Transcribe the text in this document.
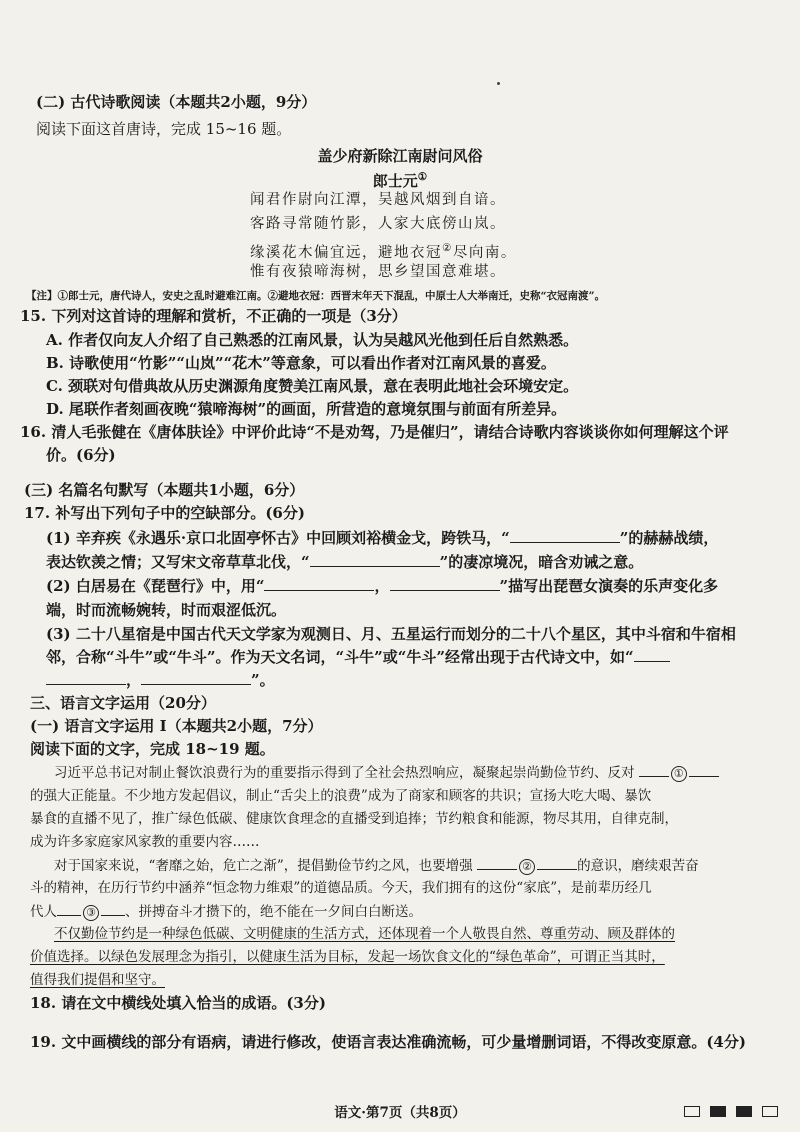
(二) 古代诗歌阅读（本题共2小题，9分）
阅读下面这首唐诗，完成 15~16 题。
盖少府新除江南尉问风俗
郎士元①
闻君作尉向江潭，吴越风烟到自谙。
客路寻常随竹影，人家大底傍山岚。
缘溪花木偏宜远，避地衣冠②尽向南。
惟有夜猿啼海树，思乡望国意难堪。
【注】①郎士元，唐代诗人，安史之乱时避难江南。②避地衣冠：西晋末年天下混乱，中原士人大举南迁，史称“衣冠南渡”。
15. 下列对这首诗的理解和赏析，不正确的一项是（3分）
A. 作者仅向友人介绍了自己熟悉的江南风景，认为吴越风光他到任后自然熟悉。
B. 诗歌使用“竹影”“山岚”“花木”等意象，可以看出作者对江南风景的喜爱。
C. 颈联对句借典故从历史渊源角度赞美江南风景，意在表明此地社会环境安定。
D. 尾联作者刻画夜晚“猿啼海树”的画面，所营造的意境氛围与前面有所差异。
16. 清人毛张健在《唐体肤诠》中评价此诗“不是劝驾，乃是催归”，请结合诗歌内容谈谈你如何理解这个评
价。(6分)
(三) 名篇名句默写（本题共1小题，6分）
17. 补写出下列句子中的空缺部分。(6分)
(1) 辛弃疾《永遇乐·京口北固亭怀古》中回顾刘裕横金戈，跨铁马，“	”的赫赫战绩，
表达钦羡之情；又写宋文帝草草北伐，“	”的凄凉境况，暗含劝诫之意。
(2) 白居易在《琵琶行》中，用“	，	”描写出琵琶女演奏的乐声变化多
端，时而流畅婉转，时而艰涩低沉。
(3) 二十八星宿是中国古代天文学家为观测日、月、五星运行而划分的二十八个星区，其中斗宿和牛宿相
邻，合称“斗牛”或“牛斗”。作为天文名词，“斗牛”或“牛斗”经常出现于古代诗文中，如“
，	”。
三、语言文字运用（20分）
(一) 语言文字运用 I（本题共2小题，7分）
阅读下面的文字，完成 18~19 题。
习近平总书记对制止餐饮浪费行为的重要指示得到了全社会热烈响应，凝聚起崇尚勤俭节约、反对	①
的强大正能量。不少地方发起倡议，制止“舌尖上的浪费”成为了商家和顾客的共识；宣扬大吃大喝、暴饮
暴食的直播不见了，推广绿色低碳、健康饮食理念的直播受到追捧；节约粮食和能源，物尽其用，自律克制，
成为许多家庭家风家教的重要内容……
对于国家来说，“奢靡之始，危亡之渐”，提倡勤俭节约之风，也要增强	②	的意识，磨续艰苦奋
斗的精神，在历行节约中涵养“恒念物力维艰”的道德品质。今天，我们拥有的这份“家底”，是前辈历经几
代人	③ 、拼搏奋斗才攒下的，绝不能在一夕间白白断送。
不仅勤俭节约是一种绿色低碳、文明健康的生活方式，还体现着一个人敬畏自然、尊重劳动、顾及群体的
价值选择。以绿色发展理念为指引，以健康生活为目标，发起一场饮食文化的“绿色革命”，可谓正当其时，
值得我们提倡和坚守。
18. 请在文中横线处填入恰当的成语。(3分)
19. 文中画横线的部分有语病，请进行修改，使语言表达准确流畅，可少量增删词语，不得改变原意。(4分)
语文·第7页（共8页）
